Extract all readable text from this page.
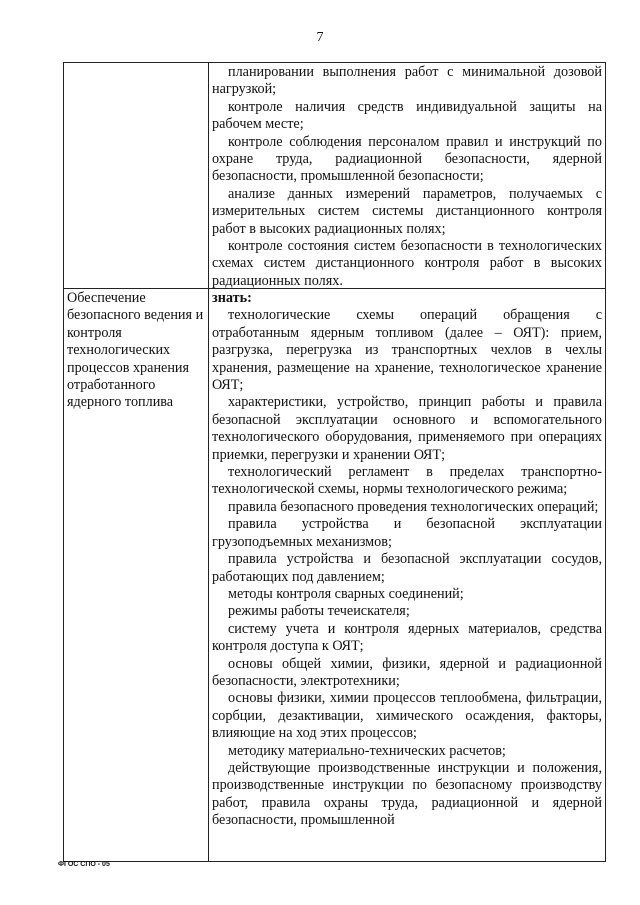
7

планировании выполнения работ с минимальной дозовой нагрузкой;

контроле наличия средств индивидуальной защиты на рабочем месте;

контроле соблюдения персоналом правил и инструкций по охране труда, радиационной безопасности, ядерной безопасности, промышленной безопасности;

анализе данных измерений параметров, получаемых с измерительных систем системы дистанционного контроля работ в высоких радиационных полях;

контроле состояния систем безопасности в технологических схемах систем дистанционного контроля работ в высоких радиационных полях.

Обеспечение безопасного ведения и контроля технологических процессов хранения отработанного ядерного топлива

знать:

технологические схемы операций обращения с отработанным ядерным топливом (далее – ОЯТ): прием, разгрузка, перегрузка из транспортных чехлов в чехлы хранения, размещение на хранение, технологическое хранение ОЯТ;

характеристики, устройство, принцип работы и правила безопасной эксплуатации основного и вспомогательного технологического оборудования, применяемого при операциях приемки, перегрузки и хранении ОЯТ;

технологический регламент в пределах транспортно-технологической схемы, нормы технологического режима;

правила безопасного проведения технологических операций;

правила устройства и безопасной эксплуатации грузоподъемных механизмов;

правила устройства и безопасной эксплуатации сосудов, работающих под давлением;

методы контроля сварных соединений;

режимы работы течеискателя;

систему учета и контроля ядерных материалов, средства контроля доступа к ОЯТ;

основы общей химии, физики, ядерной и радиационной безопасности, электротехники;

основы физики, химии процессов теплообмена, фильтрации, сорбции, дезактивации, химического осаждения, факторы, влияющие на ход этих процессов;

методику материально-технических расчетов;

действующие производственные инструкции и положения, производственные инструкции по безопасному производству работ, правила охраны труда, радиационной и ядерной безопасности, промышленной

ФГОС СПО - 05
